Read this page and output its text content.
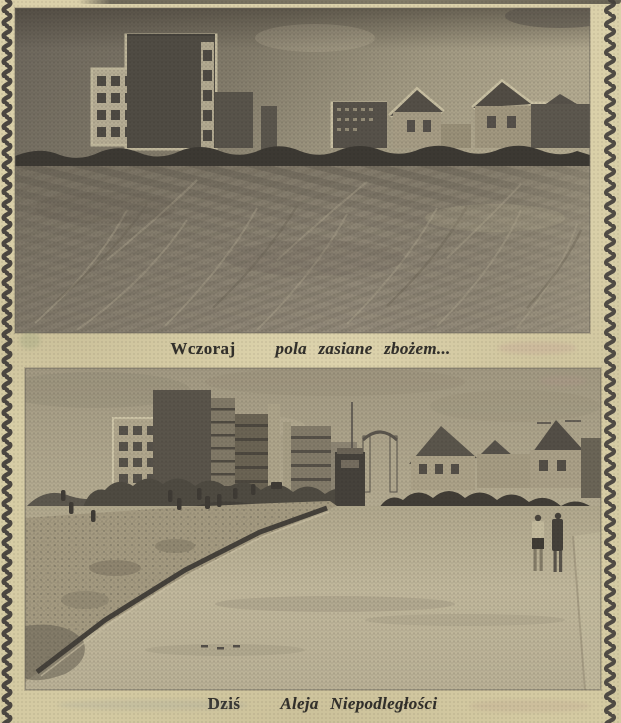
Wczoraj pola zasiane zbożem...
Dziś Aleja Niepodległości
